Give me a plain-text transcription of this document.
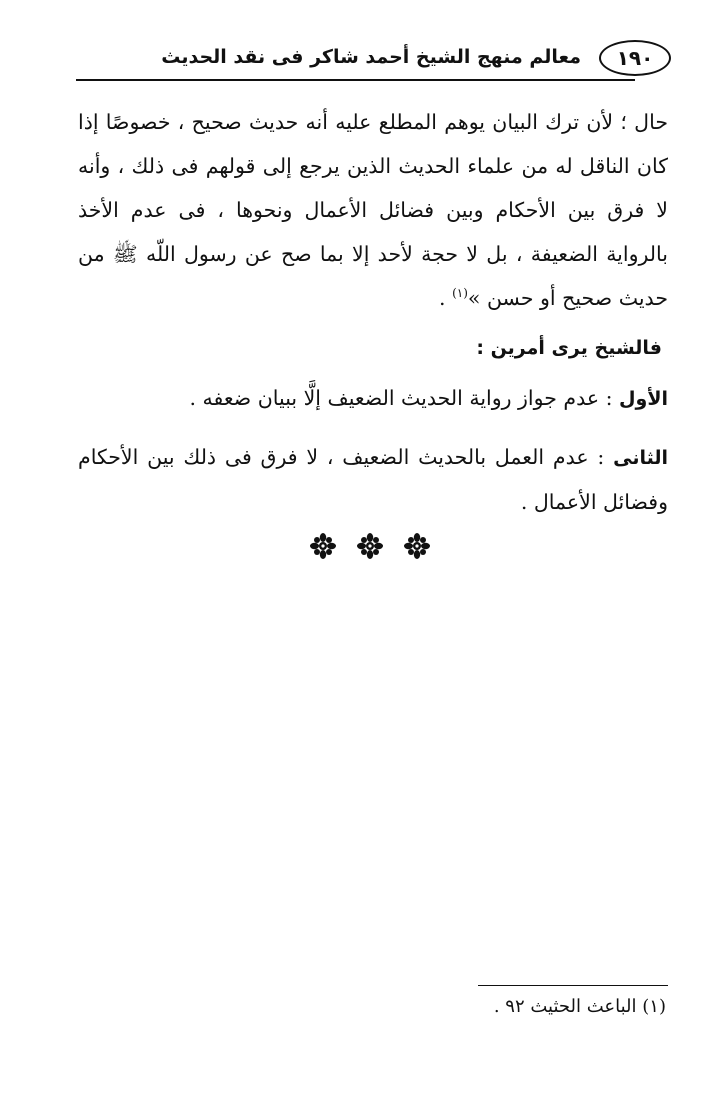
١٩٠
معالم منهج الشيخ أحمد شاكر فى نقد الحديث

حال ؛ لأن ترك البيان يوهم المطلع عليه أنه حديث صحيح ، خصوصًا إذا كان الناقل له من علماء الحديث الذين يرجع إلى قولهم فى ذلك ، وأنه لا فرق بين الأحكام وبين فضائل الأعمال ونحوها ، فى عدم الأخذ بالرواية الضعيفة ، بل لا حجة لأحد إلا بما صح عن رسول اللّه ﷺ من حديث صحيح أو حسن »$^{(١)}$ .

فالشيخ يرى أمرين :

الأول : عدم جواز رواية الحديث الضعيف إلَّا ببيان ضعفه .

الثانى : عدم العمل بالحديث الضعيف ، لا فرق فى ذلك بين الأحكام وفضائل الأعمال .

(١) الباعث الحثيث ٩٢ .
